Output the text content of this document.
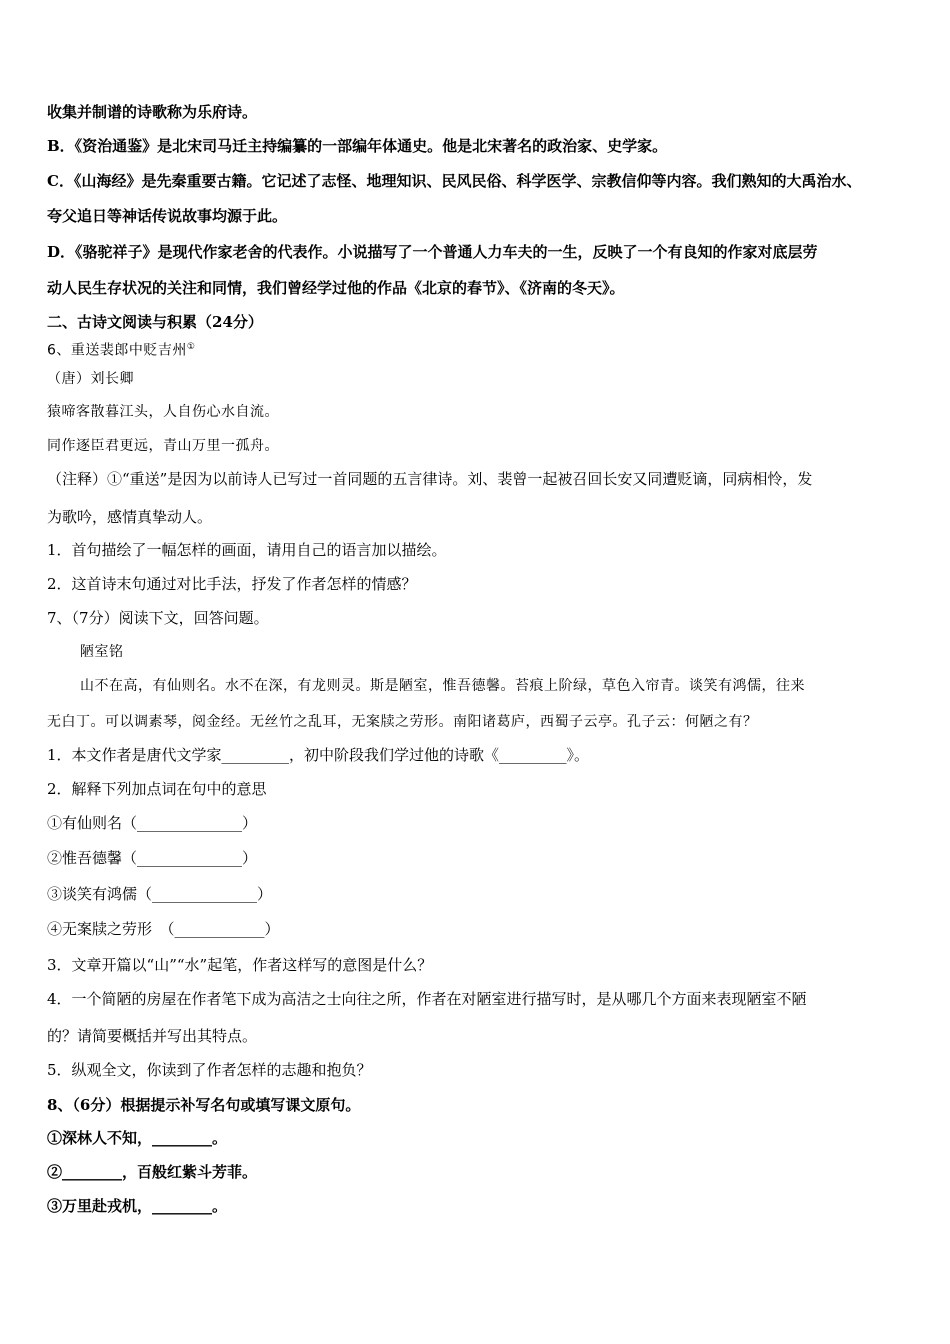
收集并制谱的诗歌称为乐府诗。
B．《资治通鉴》是北宋司马迁主持编纂的一部编年体通史。他是北宋著名的政治家、史学家。
C．《山海经》是先秦重要古籍。它记述了志怪、地理知识、民风民俗、科学医学、宗教信仰等内容。我们熟知的大禹治水、
夸父追日等神话传说故事均源于此。
D．《骆驼祥子》是现代作家老舍的代表作。小说描写了一个普通人力车夫的一生，反映了一个有良知的作家对底层劳
动人民生存状况的关注和同情，我们曾经学过他的作品《北京的春节》、《济南的冬天》。
二、古诗文阅读与积累（24分）
6、重送裴郎中贬吉州①
（唐）刘长卿
猿啼客散暮江头，人自伤心水自流。
同作逐臣君更远，青山万里一孤舟。
（注释）①“重送”是因为以前诗人已写过一首同题的五言律诗。刘、裴曾一起被召回长安又同遭贬谪，同病相怜，发
为歌吟，感情真挚动人。
1．首句描绘了一幅怎样的画面，请用自己的语言加以描绘。
2．这首诗末句通过对比手法，抒发了作者怎样的情感？
7、（7分）阅读下文，回答问题。
陋室铭
山不在高，有仙则名。水不在深，有龙则灵。斯是陋室，惟吾德馨。苔痕上阶绿，草色入帘青。谈笑有鸿儒，往来
无白丁。可以调素琴，阅金经。无丝竹之乱耳，无案牍之劳形。南阳诸葛庐，西蜀子云亭。孔子云：何陋之有？
1．本文作者是唐代文学家_________，初中阶段我们学过他的诗歌《_________》。
2．解释下列加点词在句中的意思
①有仙则名（______________）
②惟吾德馨（______________）
③谈笑有鸿儒（______________）
④无案牍之劳形　（____________）
3．文章开篇以“山”“水”起笔，作者这样写的意图是什么？
4．一个简陋的房屋在作者笔下成为高洁之士向往之所，作者在对陋室进行描写时，是从哪几个方面来表现陋室不陋
的？请简要概括并写出其特点。
5．纵观全文，你读到了作者怎样的志趣和抱负？
8、（6分）根据提示补写名句或填写课文原句。
①深林人不知，________。
②________，百般红紫斗芳菲。
③万里赴戎机，________。
